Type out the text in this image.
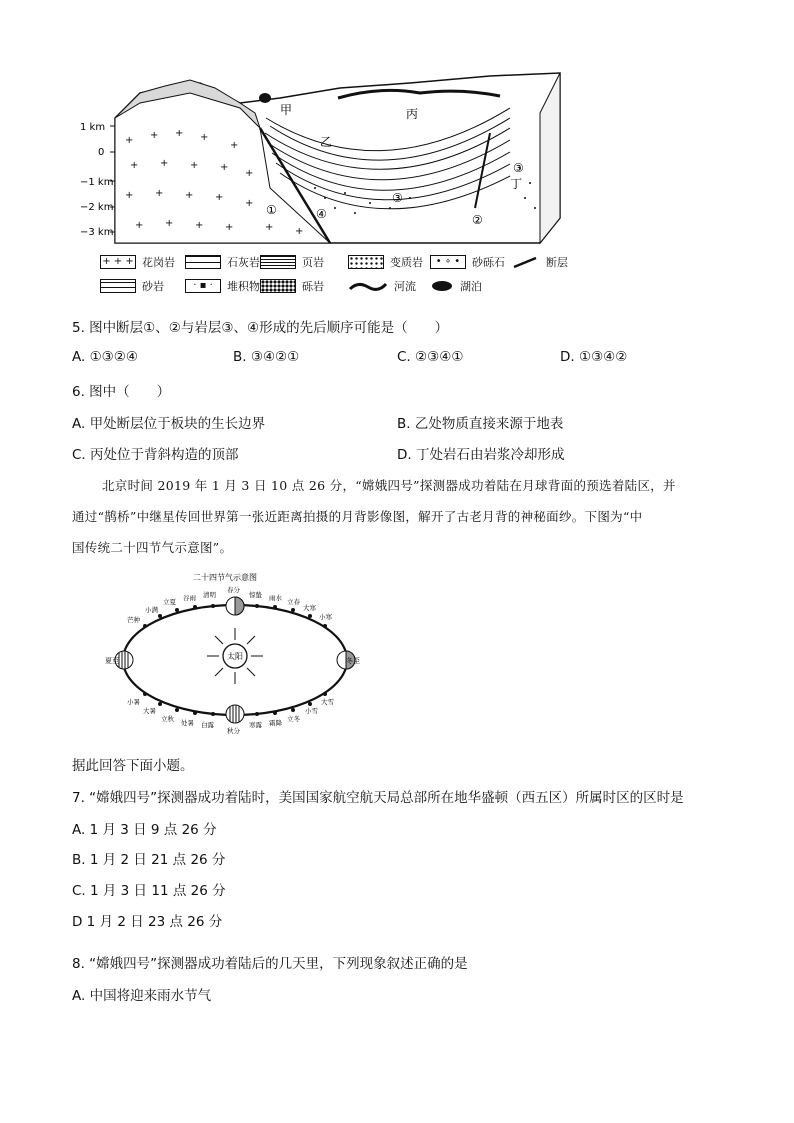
1 km
0
−1 km
−2 km
−3 km
+ + + +
+
+ + + +
+
+ + + +
+
+ + + +	+ +
甲
乙
丙
丁
①
②
③
③
④
+ + + 花岗岩	石灰岩	页岩	变质岩	• ∘ •	砂砾石	断层
砂岩	· ▪ ·	堆积物	砾岩	河流	湖泊
5. 图中断层①、②与岩层③、④形成的先后顺序可能是（　　）
A. ①③②④	B. ③④②①	C. ②③④①	D. ①③④②
6. 图中（　　）
A. 甲处断层位于板块的生长边界	B. 乙处物质直接来源于地表
C. 丙处位于背斜构造的顶部	D. 丁处岩石由岩浆冷却形成
北京时间 2019 年 1 月 3 日 10 点 26 分，“嫦娥四号”探测器成功着陆在月球背面的预选着陆区，并
通过“鹊桥”中继星传回世界第一张近距离拍摄的月背影像图，解开了古老月背的神秘面纱。下图为“中
国传统二十四节气示意图”。
二十四节气示意图
太阳
夏至	冬至
芒种
小满
立夏 谷雨 清明
春分
惊蛰 雨水 立春
大寒
小寒
小暑
大暑
立秋 处暑 白露
秋分
寒露 霜降 立冬
小雪
大雪
据此回答下面小题。
7. “嫦娥四号”探测器成功着陆时，美国国家航空航天局总部所在地华盛顿（西五区）所属时区的区时是
A. 1 月 3 日 9 点 26 分
B. 1 月 2 日 21 点 26 分
C. 1 月 3 日 11 点 26 分
D 1 月 2 日 23 点 26 分
8. “嫦娥四号”探测器成功着陆后的几天里，下列现象叙述正确的是
A. 中国将迎来雨水节气
